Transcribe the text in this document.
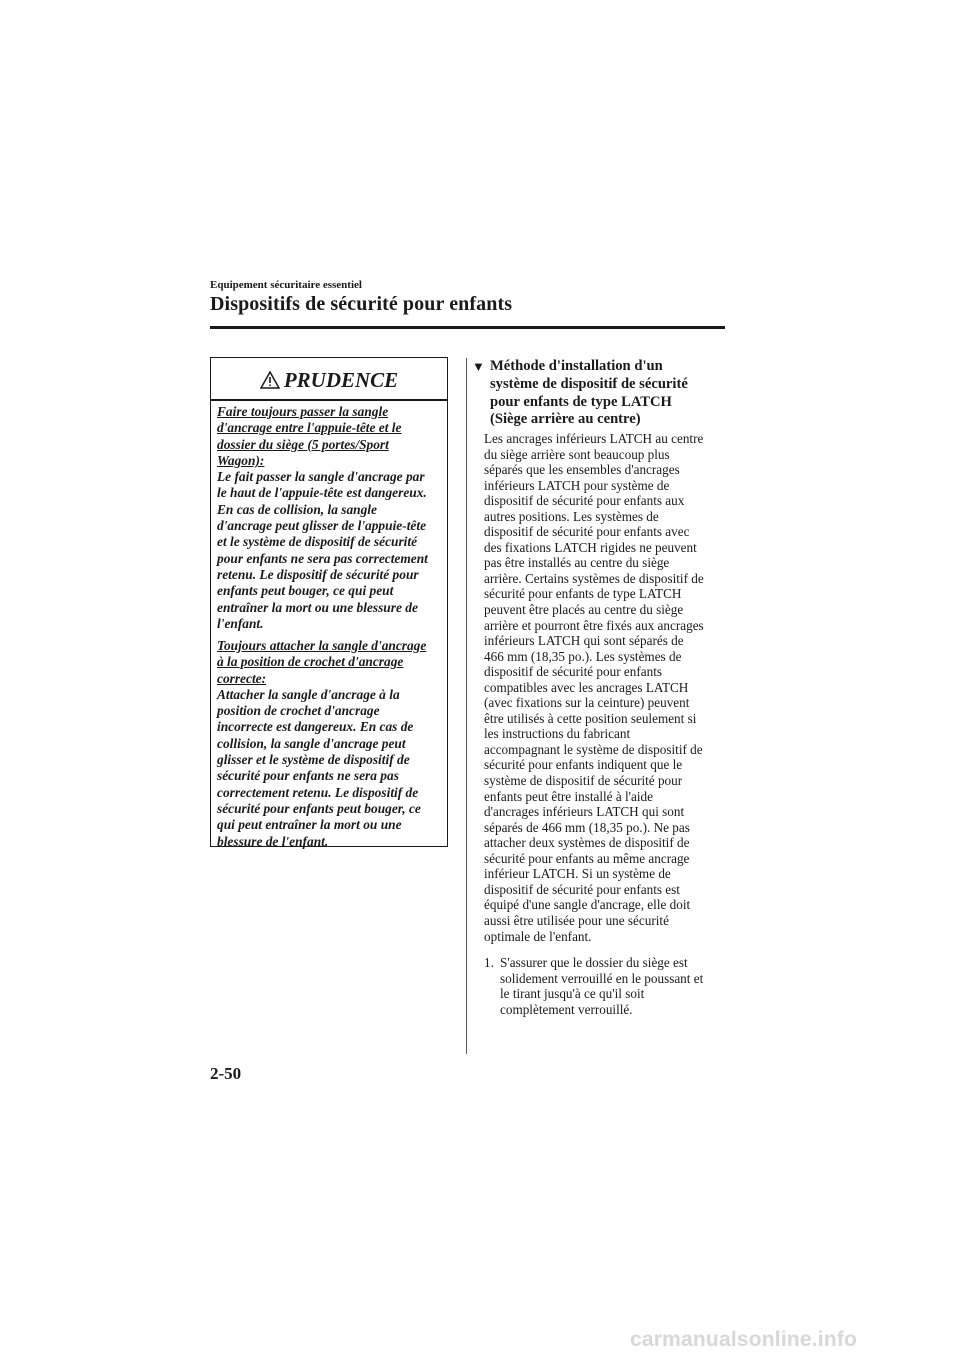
Equipement sécuritaire essentiel
Dispositifs de sécurité pour enfants
PRUDENCE
Faire toujours passer la sangle
d'ancrage entre l'appuie-tête et le
dossier du siège (5 portes/Sport
Wagon):
Le fait passer la sangle d'ancrage par
le haut de l'appuie-tête est dangereux.
En cas de collision, la sangle
d'ancrage peut glisser de l'appuie-tête
et le système de dispositif de sécurité
pour enfants ne sera pas correctement
retenu. Le dispositif de sécurité pour
enfants peut bouger, ce qui peut
entraîner la mort ou une blessure de
l'enfant.
Toujours attacher la sangle d'ancrage
à la position de crochet d'ancrage
correcte:
Attacher la sangle d'ancrage à la
position de crochet d'ancrage
incorrecte est dangereux. En cas de
collision, la sangle d'ancrage peut
glisser et le système de dispositif de
sécurité pour enfants ne sera pas
correctement retenu. Le dispositif de
sécurité pour enfants peut bouger, ce
qui peut entraîner la mort ou une
blessure de l'enfant.
▼ Méthode d'installation d'un
système de dispositif de sécurité
pour enfants de type LATCH
(Siège arrière au centre)
Les ancrages inférieurs LATCH au centre
du siège arrière sont beaucoup plus
séparés que les ensembles d'ancrages
inférieurs LATCH pour système de
dispositif de sécurité pour enfants aux
autres positions. Les systèmes de
dispositif de sécurité pour enfants avec
des fixations LATCH rigides ne peuvent
pas être installés au centre du siège
arrière. Certains systèmes de dispositif de
sécurité pour enfants de type LATCH
peuvent être placés au centre du siège
arrière et pourront être fixés aux ancrages
inférieurs LATCH qui sont séparés de
466 mm (18,35 po.). Les systèmes de
dispositif de sécurité pour enfants
compatibles avec les ancrages LATCH
(avec fixations sur la ceinture) peuvent
être utilisés à cette position seulement si
les instructions du fabricant
accompagnant le système de dispositif de
sécurité pour enfants indiquent que le
système de dispositif de sécurité pour
enfants peut être installé à l'aide
d'ancrages inférieurs LATCH qui sont
séparés de 466 mm (18,35 po.). Ne pas
attacher deux systèmes de dispositif de
sécurité pour enfants au même ancrage
inférieur LATCH. Si un système de
dispositif de sécurité pour enfants est
équipé d'une sangle d'ancrage, elle doit
aussi être utilisée pour une sécurité
optimale de l'enfant.
1. S'assurer que le dossier du siège est
solidement verrouillé en le poussant et
le tirant jusqu'à ce qu'il soit
complètement verrouillé.
2-50
carmanualsonline.info
